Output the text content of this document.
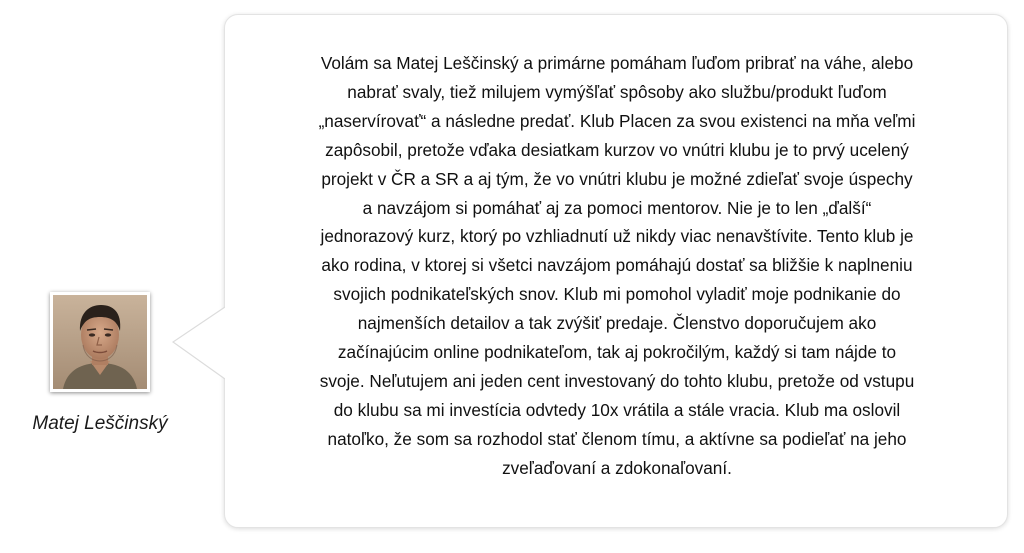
Matej Leščinský

Volám sa Matej Leščinský a primárne pomáham ľuďom pribrať na váhe, alebo
nabrať svaly, tiež milujem vymýšľať spôsoby ako službu/produkt ľuďom
„naservírovať“ a následne predať. Klub Placen za svou existenci na mňa veľmi
zapôsobil, pretože vďaka desiatkam kurzov vo vnútri klubu je to prvý ucelený
projekt v ČR a SR a aj tým, že vo vnútri klubu je možné zdieľať svoje úspechy
a navzájom si pomáhať aj za pomoci mentorov. Nie je to len „ďalší“
jednorazový kurz, ktorý po vzhliadnutí už nikdy viac nenavštívite. Tento klub je
ako rodina, v ktorej si všetci navzájom pomáhajú dostať sa bližšie k naplneniu
svojich podnikateľských snov. Klub mi pomohol vyladiť moje podnikanie do
najmenších detailov a tak zvýšiť predaje. Členstvo doporučujem ako
začínajúcim online podnikateľom, tak aj pokročilým, každý si tam nájde to
svoje. Neľutujem ani jeden cent investovaný do tohto klubu, pretože od vstupu
do klubu sa mi investícia odvtedy 10x vrátila a stále vracia. Klub ma oslovil
natoľko, že som sa rozhodol stať členom tímu, a aktívne sa podieľať na jeho
zveľaďovaní a zdokonaľovaní.
